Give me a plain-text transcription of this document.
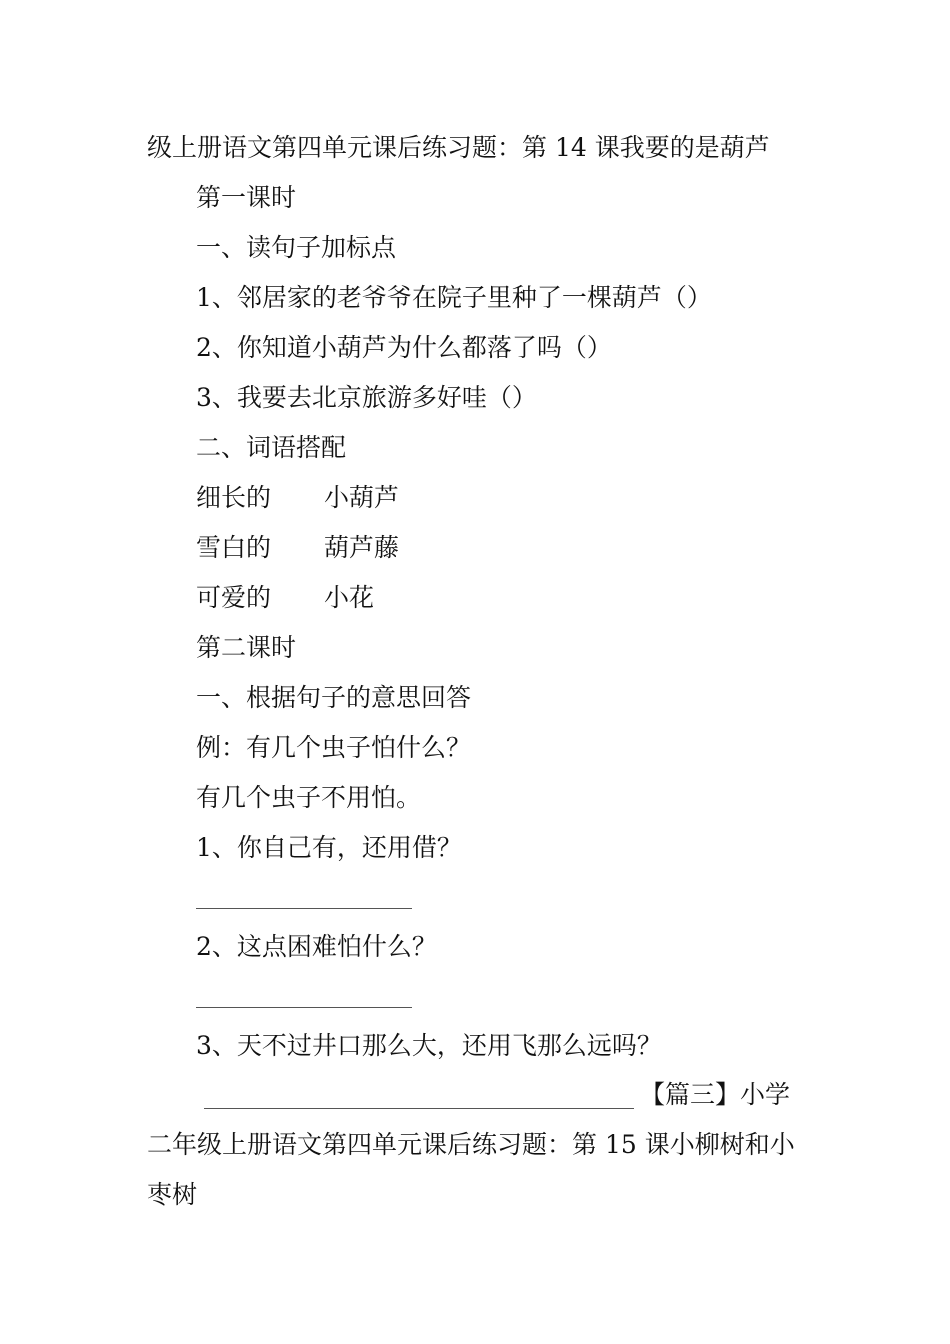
级上册语文第四单元课后练习题：第 14 课我要的是葫芦
第一课时
一、读句子加标点
1、邻居家的老爷爷在院子里种了一棵葫芦（）
2、你知道小葫芦为什么都落了吗（）
3、我要去北京旅游多好哇（）
二、词语搭配
细长的 小葫芦
雪白的 葫芦藤
可爱的 小花
第二课时
一、根据句子的意思回答
例：有几个虫子怕什么？
有几个虫子不用怕。
1、你自己有，还用借？
2、这点困难怕什么？
3、天不过井口那么大，还用飞那么远吗？
【篇三】小学
二年级上册语文第四单元课后练习题：第 15 课小柳树和小
枣树
